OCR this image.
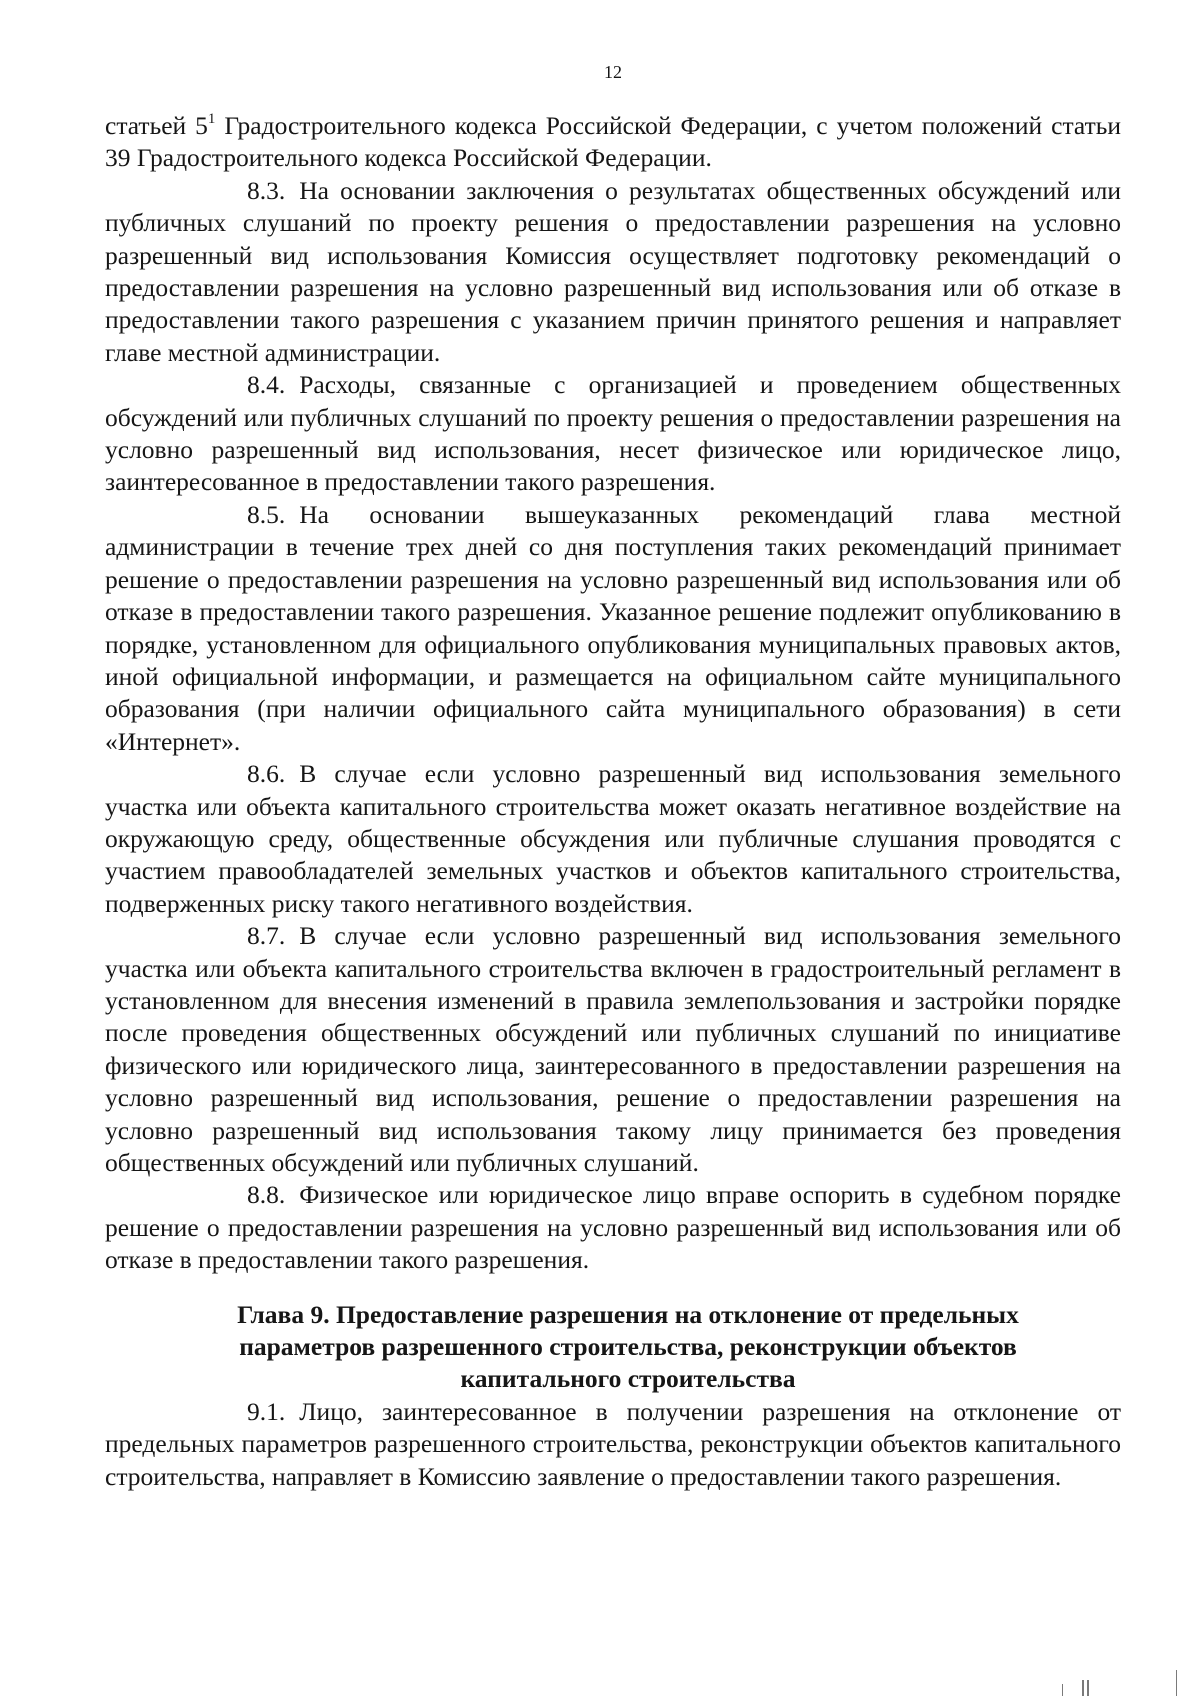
12

статьей $5^1$ Градостроительного кодекса Российской Федерации, с учетом положений статьи 39 Градостроительного кодекса Российской Федерации.

8.3. На основании заключения о результатах общественных обсуждений или публичных слушаний по проекту решения о предоставлении разрешения на условно разрешенный вид использования Комиссия осуществляет подготовку рекомендаций о предоставлении разрешения на условно разрешенный вид использования или об отказе в предоставлении такого разрешения с указанием причин принятого решения и направляет главе местной администрации.

8.4. Расходы, связанные с организацией и проведением общественных обсуждений или публичных слушаний по проекту решения о предоставлении разрешения на условно разрешенный вид использования, несет физическое или юридическое лицо, заинтересованное в предоставлении такого разрешения.

8.5. На основании вышеуказанных рекомендаций глава местной администрации в течение трех дней со дня поступления таких рекомендаций принимает решение о предоставлении разрешения на условно разрешенный вид использования или об отказе в предоставлении такого разрешения. Указанное решение подлежит опубликованию в порядке, установленном для официального опубликования муниципальных правовых актов, иной официальной информации, и размещается на официальном сайте муниципального образования (при наличии официального сайта муниципального образования) в сети «Интернет».

8.6. В случае если условно разрешенный вид использования земельного участка или объекта капитального строительства может оказать негативное воздействие на окружающую среду, общественные обсуждения или публичные слушания проводятся с участием правообладателей земельных участков и объектов капитального строительства, подверженных риску такого негативного воздействия.

8.7. В случае если условно разрешенный вид использования земельного участка или объекта капитального строительства включен в градостроительный регламент в установленном для внесения изменений в правила землепользования и застройки порядке после проведения общественных обсуждений или публичных слушаний по инициативе физического или юридического лица, заинтересованного в предоставлении разрешения на условно разрешенный вид использования, решение о предоставлении разрешения на условно разрешенный вид использования такому лицу принимается без проведения общественных обсуждений или публичных слушаний.

8.8. Физическое или юридическое лицо вправе оспорить в судебном порядке решение о предоставлении разрешения на условно разрешенный вид использования или об отказе в предоставлении такого разрешения.

Глава 9. Предоставление разрешения на отклонение от предельных параметров разрешенного строительства, реконструкции объектов капитального строительства

9.1. Лицо, заинтересованное в получении разрешения на отклонение от предельных параметров разрешенного строительства, реконструкции объектов капитального строительства, направляет в Комиссию заявление о предоставлении такого разрешения.
